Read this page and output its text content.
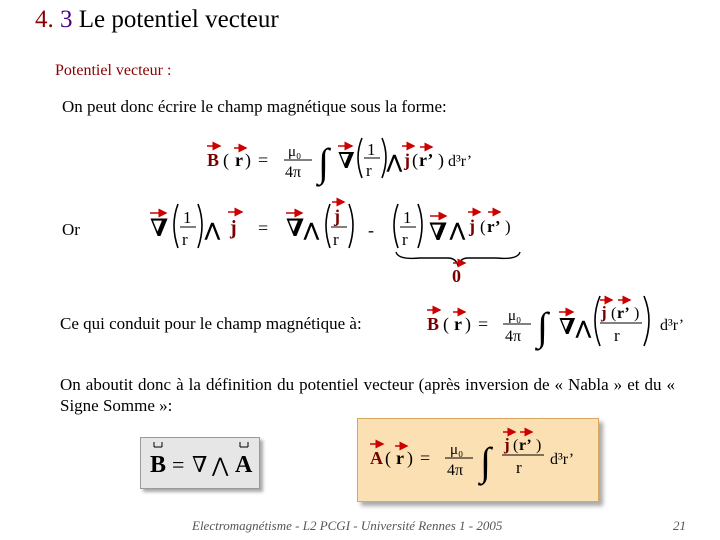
4. 3 Le potentiel vecteur
Potentiel vecteur :
On peut donc écrire le champ magnétique sous la forme:
Or
Ce qui conduit pour le champ magnétique à:
On aboutit donc à la définition du potentiel vecteur (après inversion de « Nabla » et du « Signe Somme »:
B ( r ) = μ₀
4π ∫ ∇ 1
r ⋀ j ( r’ ) d³r’
∇ 1
r ⋀ j = ∇ ⋀
j
r -
1
r ∇ ⋀ j ( r’ )
0
B ( r ) = μ₀
4π ∫ ∇ ⋀
j ( r’ )
r
d³r’
B = ∇ ⋀ A	A ( r ) = μ₀
4π ∫ j ( r’ )
r d³r’
Electromagnétisme - L2 PCGI - Université Rennes 1 - 2005	21
